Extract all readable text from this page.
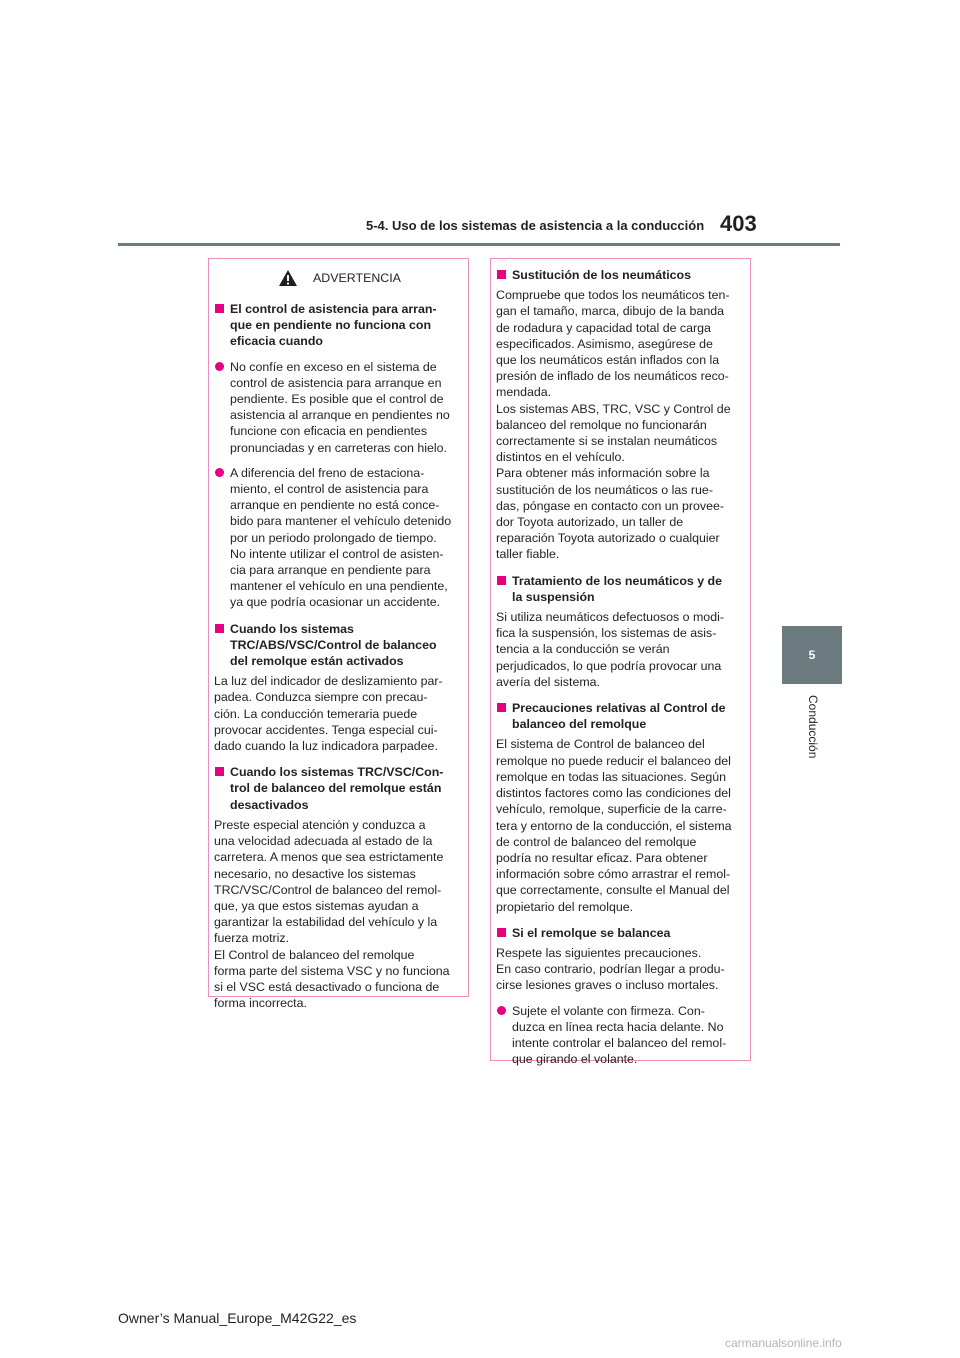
5-4. Uso de los sistemas de asistencia a la conducción 403
5
Conducción
ADVERTENCIA
El control de asistencia para arran-
que en pendiente no funciona con
eficacia cuando
No confíe en exceso en el sistema de
control de asistencia para arranque en
pendiente. Es posible que el control de
asistencia al arranque en pendientes no
funcione con eficacia en pendientes
pronunciadas y en carreteras con hielo.
A diferencia del freno de estaciona-
miento, el control de asistencia para
arranque en pendiente no está conce-
bido para mantener el vehículo detenido
por un periodo prolongado de tiempo.
No intente utilizar el control de asisten-
cia para arranque en pendiente para
mantener el vehículo en una pendiente,
ya que podría ocasionar un accidente.
Cuando los sistemas
TRC/ABS/VSC/Control de balanceo
del remolque están activados
La luz del indicador de deslizamiento par-
padea. Conduzca siempre con precau-
ción. La conducción temeraria puede
provocar accidentes. Tenga especial cui-
dado cuando la luz indicadora parpadee.
Cuando los sistemas TRC/VSC/Con-
trol de balanceo del remolque están
desactivados
Preste especial atención y conduzca a
una velocidad adecuada al estado de la
carretera. A menos que sea estrictamente
necesario, no desactive los sistemas
TRC/VSC/Control de balanceo del remol-
que, ya que estos sistemas ayudan a
garantizar la estabilidad del vehículo y la
fuerza motriz.
El Control de balanceo del remolque
forma parte del sistema VSC y no funciona
si el VSC está desactivado o funciona de
forma incorrecta.
Sustitución de los neumáticos
Compruebe que todos los neumáticos ten-
gan el tamaño, marca, dibujo de la banda
de rodadura y capacidad total de carga
especificados. Asimismo, asegúrese de
que los neumáticos están inflados con la
presión de inflado de los neumáticos reco-
mendada.
Los sistemas ABS, TRC, VSC y Control de
balanceo del remolque no funcionarán
correctamente si se instalan neumáticos
distintos en el vehículo.
Para obtener más información sobre la
sustitución de los neumáticos o las rue-
das, póngase en contacto con un provee-
dor Toyota autorizado, un taller de
reparación Toyota autorizado o cualquier
taller fiable.
Tratamiento de los neumáticos y de
la suspensión
Si utiliza neumáticos defectuosos o modi-
fica la suspensión, los sistemas de asis-
tencia a la conducción se verán
perjudicados, lo que podría provocar una
avería del sistema.
Precauciones relativas al Control de
balanceo del remolque
El sistema de Control de balanceo del
remolque no puede reducir el balanceo del
remolque en todas las situaciones. Según
distintos factores como las condiciones del
vehículo, remolque, superficie de la carre-
tera y entorno de la conducción, el sistema
de control de balanceo del remolque
podría no resultar eficaz. Para obtener
información sobre cómo arrastrar el remol-
que correctamente, consulte el Manual del
propietario del remolque.
Si el remolque se balancea
Respete las siguientes precauciones.
En caso contrario, podrían llegar a produ-
cirse lesiones graves o incluso mortales.
Sujete el volante con firmeza. Con-
duzca en línea recta hacia delante. No
intente controlar el balanceo del remol-
que girando el volante.
Owner’s Manual_Europe_M42G22_es
carmanualsonline.info
